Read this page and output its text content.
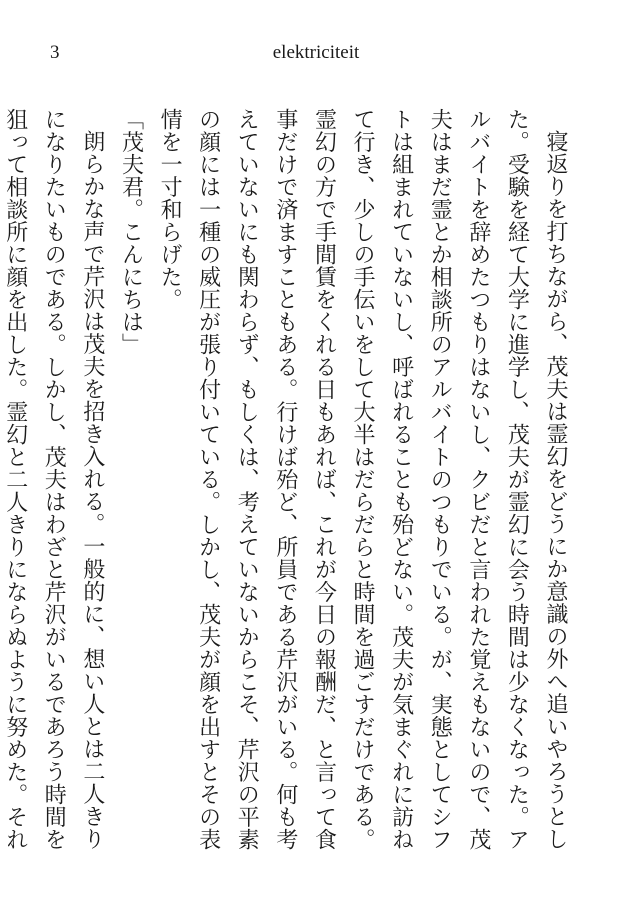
3	elektriciteit

寝返りを打ちながら、茂夫は霊幻をどうにか意識の外へ追いやろうとした。受験を経て大学に進学し、茂夫が霊幻に会う時間は少なくなった。アルバイトを辞めたつもりはないし、クビだと言われた覚えもないので、茂夫はまだ霊とか相談所のアルバイトのつもりでいる。が、実態としてシフトは組まれていないし、呼ばれることも殆どない。茂夫が気まぐれに訪ねて行き、少しの手伝いをして大半はだらだらと時間を過ごすだけである。霊幻の方で手間賃をくれる日もあれば、これが今日の報酬だ、と言って食事だけで済ますこともある。行けば殆ど、所員である芹沢がいる。何も考えていないにも関わらず、もしくは、考えていないからこそ、芹沢の平素の顔には一種の威圧が張り付いている。しかし、茂夫が顔を出すとその表情を一寸和らげた。

「茂夫君。こんにちは」

朗らかな声で芹沢は茂夫を招き入れる。一般的に、想い人とは二人きりになりたいものである。しかし、茂夫はわざと芹沢がいるであろう時間を狙って相談所に顔を出した。霊幻と二人きりにならぬように努めた。それ
